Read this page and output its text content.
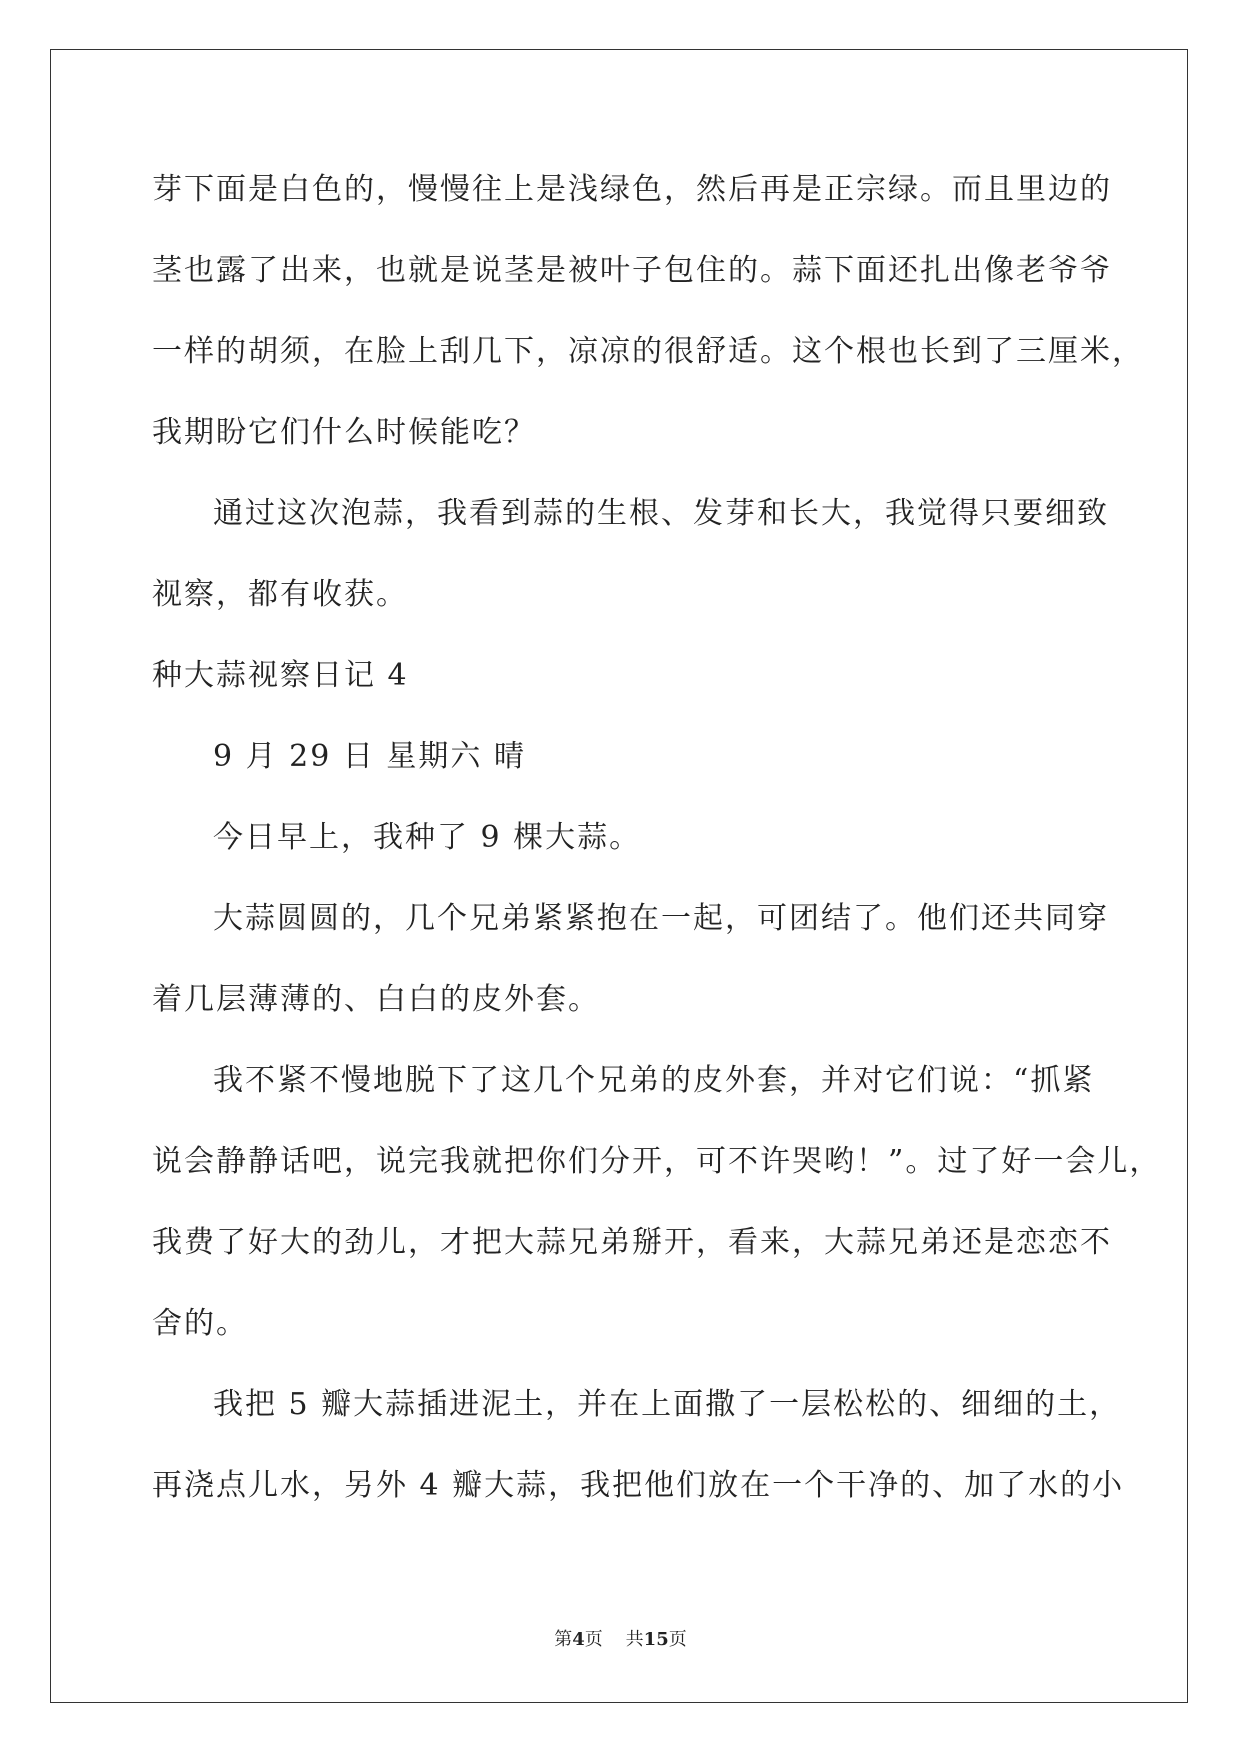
芽下面是白色的，慢慢往上是浅绿色，然后再是正宗绿。而且里边的
茎也露了出来，也就是说茎是被叶子包住的。蒜下面还扎出像老爷爷
一样的胡须，在脸上刮几下，凉凉的很舒适。这个根也长到了三厘米，
我期盼它们什么时候能吃？
通过这次泡蒜，我看到蒜的生根、发芽和长大，我觉得只要细致
视察，都有收获。
种大蒜视察日记 4
9 月 29 日 星期六 晴
今日早上，我种了 9 棵大蒜。
大蒜圆圆的，几个兄弟紧紧抱在一起，可团结了。他们还共同穿
着几层薄薄的、白白的皮外套。
我不紧不慢地脱下了这几个兄弟的皮外套，并对它们说：“抓紧
说会静静话吧，说完我就把你们分开，可不许哭哟！”。过了好一会儿，
我费了好大的劲儿，才把大蒜兄弟掰开，看来，大蒜兄弟还是恋恋不
舍的。
我把 5 瓣大蒜插进泥土，并在上面撒了一层松松的、细细的土，
再浇点儿水，另外 4 瓣大蒜，我把他们放在一个干净的、加了水的小
第4页    共15页
